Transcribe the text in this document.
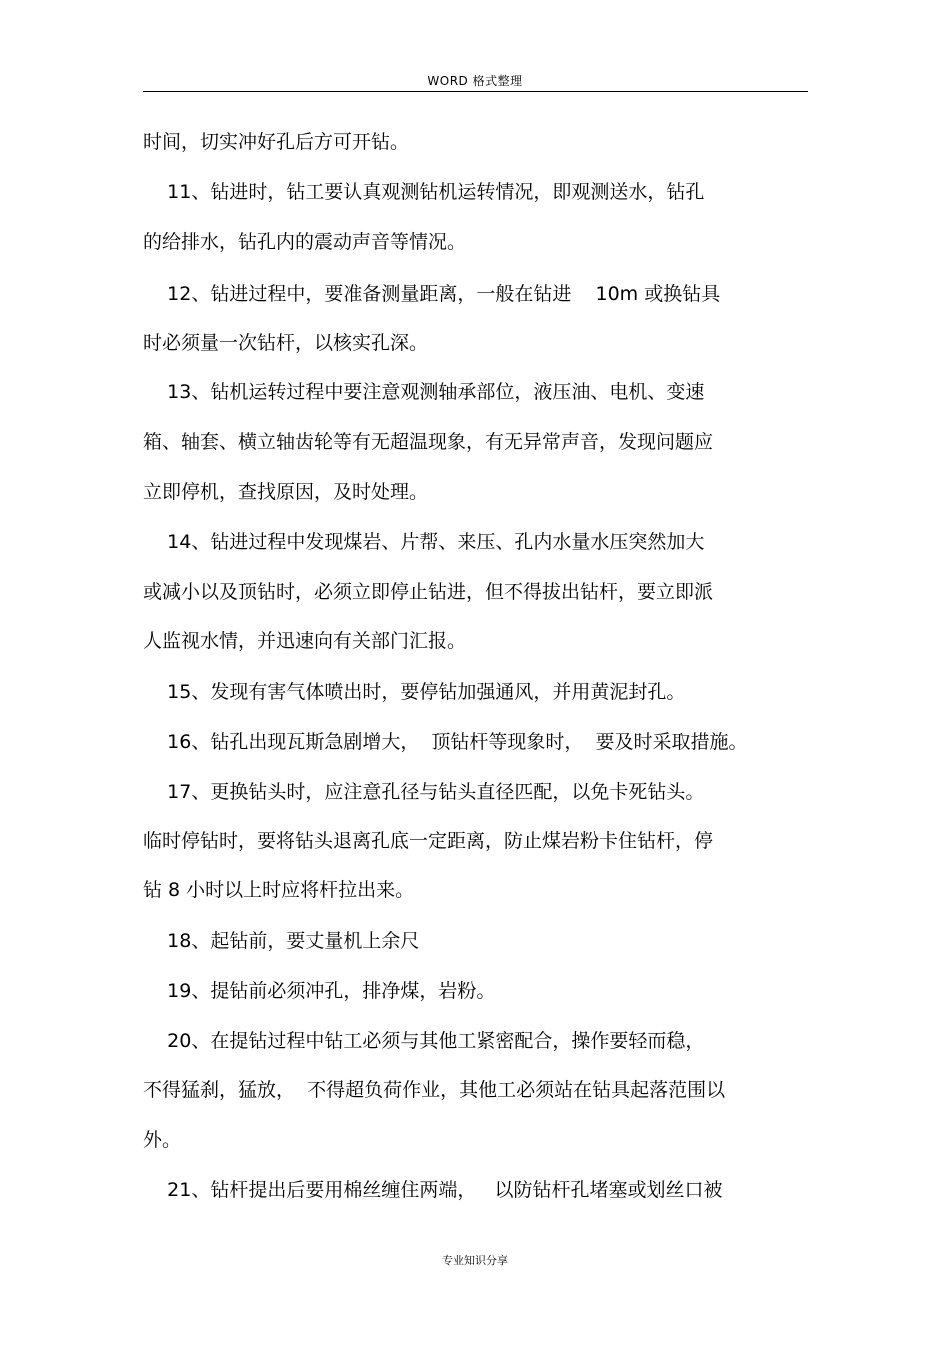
WORD 格式整理
时间，切实冲好孔后方可开钻。
11、钻进时，钻工要认真观测钻机运转情况，即观测送水，钻孔
的给排水，钻孔内的震动声音等情况。
12、钻进过程中，要准备测量距离，一般在钻进    10m 或换钻具
时必须量一次钻杆，以核实孔深。
13、钻机运转过程中要注意观测轴承部位，液压油、电机、变速
箱、轴套、横立轴齿轮等有无超温现象，有无异常声音，发现问题应
立即停机，查找原因，及时处理。
14、钻进过程中发现煤岩、片帮、来压、孔内水量水压突然加大
或减小以及顶钻时，必须立即停止钻进，但不得拔出钻杆，要立即派
人监视水情，并迅速向有关部门汇报。
15、发现有害气体喷出时，要停钻加强通风，并用黄泥封孔。
16、钻孔出现瓦斯急剧增大，  顶钻杆等现象时，  要及时采取措施。
17、更换钻头时，应注意孔径与钻头直径匹配，以免卡死钻头。
临时停钻时，要将钻头退离孔底一定距离，防止煤岩粉卡住钻杆，停
钻 8 小时以上时应将杆拉出来。
18、起钻前，要丈量机上余尺
19、提钻前必须冲孔，排净煤，岩粉。
20、在提钻过程中钻工必须与其他工紧密配合，操作要轻而稳，
不得猛刹，猛放，  不得超负荷作业，其他工必须站在钻具起落范围以
外。
21、钻杆提出后要用棉丝缠住两端，   以防钻杆孔堵塞或划丝口被
专业知识分享
